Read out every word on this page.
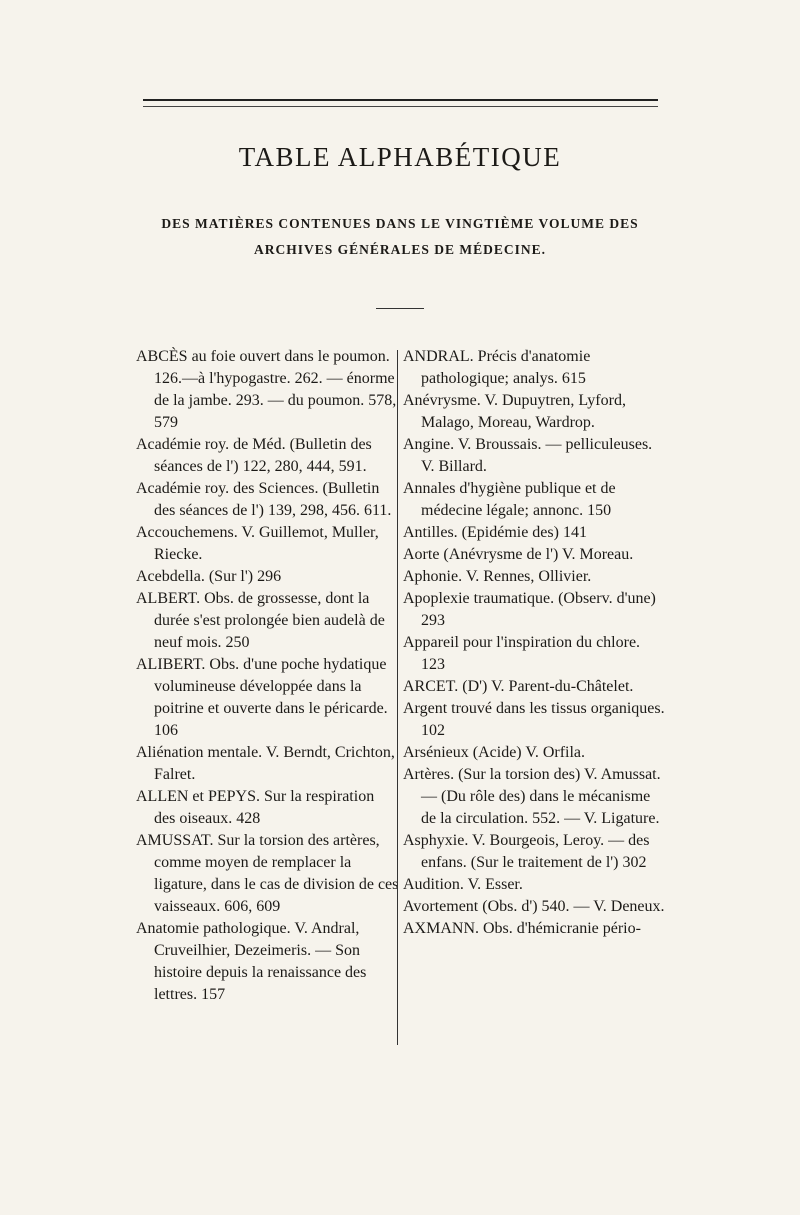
TABLE ALPHABÉTIQUE
DES MATIÈRES CONTENUES DANS LE VINGTIÈME VOLUME DES
ARCHIVES GÉNÉRALES DE MÉDECINE.

ABCÈS au foie ouvert dans le poumon. 126.—à l'hypogastre. 262. — énorme de la jambe. 293. — du poumon. 578, 579

Académie roy. de Méd. (Bulletin des séances de l') 122, 280, 444, 591.

Académie roy. des Sciences. (Bulletin des séances de l') 139, 298, 456. 611.

Accouchemens. V. Guillemot, Muller, Riecke.

Acebdella. (Sur l') 296

ALBERT. Obs. de grossesse, dont la durée s'est prolongée bien audelà de neuf mois. 250

ALIBERT. Obs. d'une poche hydatique volumineuse développée dans la poitrine et ouverte dans le péricarde. 106

Aliénation mentale. V. Berndt, Crichton, Falret.

ALLEN et PEPYS. Sur la respiration des oiseaux. 428

AMUSSAT. Sur la torsion des artères, comme moyen de remplacer la ligature, dans le cas de division de ces vaisseaux. 606, 609

Anatomie pathologique. V. Andral, Cruveilhier, Dezeimeris. — Son histoire depuis la renaissance des lettres. 157

ANDRAL. Précis d'anatomie pathologique; analys. 615

Anévrysme. V. Dupuytren, Lyford, Malago, Moreau, Wardrop.

Angine. V. Broussais. — pelliculeuses. V. Billard.

Annales d'hygiène publique et de médecine légale; annonc. 150

Antilles. (Epidémie des) 141

Aorte (Anévrysme de l') V. Moreau.

Aphonie. V. Rennes, Ollivier.

Apoplexie traumatique. (Observ. d'une) 293

Appareil pour l'inspiration du chlore. 123

ARCET. (D') V. Parent-du-Châtelet.

Argent trouvé dans les tissus organiques. 102

Arsénieux (Acide) V. Orfila.

Artères. (Sur la torsion des) V. Amussat. — (Du rôle des) dans le mécanisme de la circulation. 552. — V. Ligature.

Asphyxie. V. Bourgeois, Leroy. — des enfans. (Sur le traitement de l') 302

Audition. V. Esser.

Avortement (Obs. d') 540. — V. Deneux.

AXMANN. Obs. d'hémicranie pério-
